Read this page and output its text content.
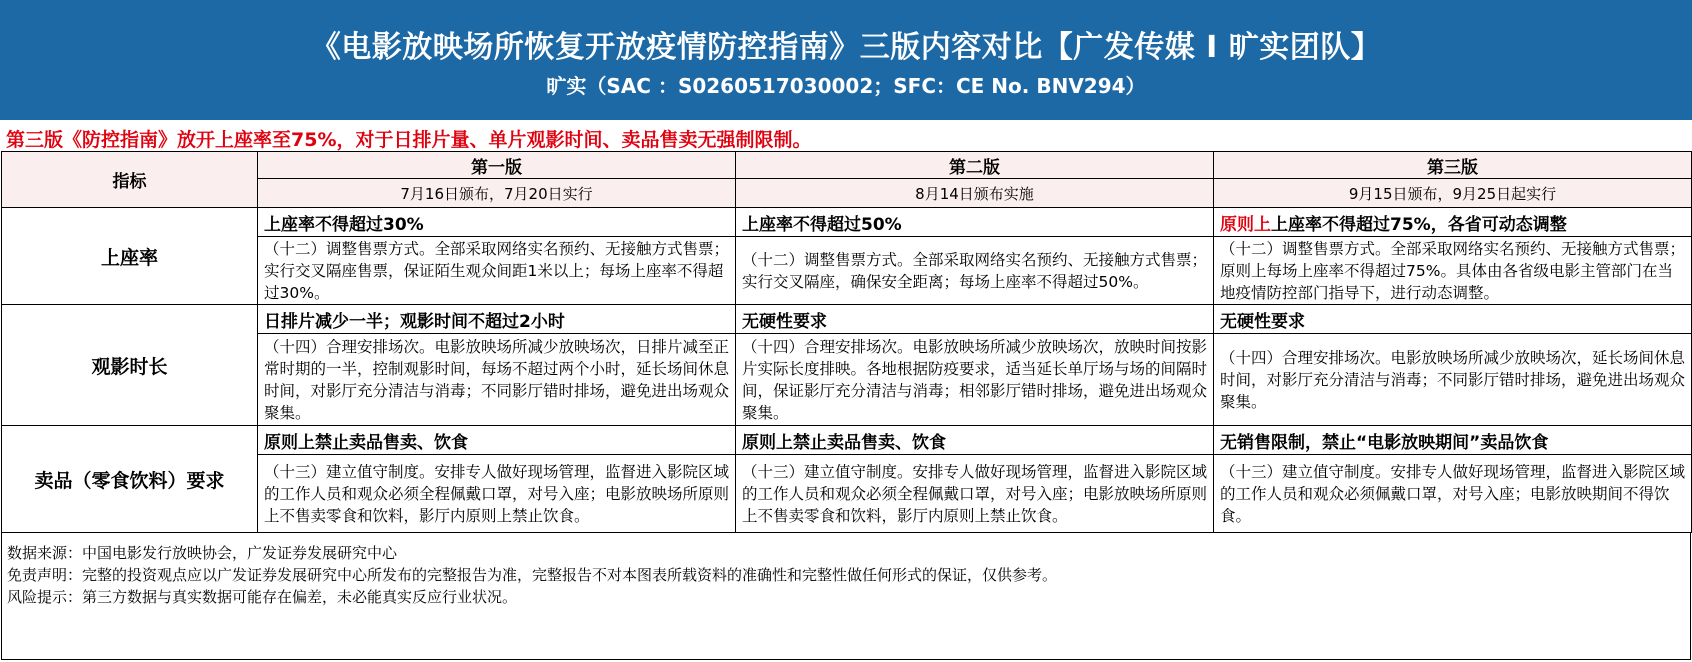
《电影放映场所恢复开放疫情防控指南》三版内容对比【广发传媒 I 旷实团队】
旷实（SAC ：S0260517030002；SFC：CE No. BNV294）
第三版《防控指南》放开上座率至75%，对于日排片量、单片观影时间、卖品售卖无强制限制。
指标	第一版	第二版	第三版
	7月16日颁布，7月20日实行	8月14日颁布实施	9月15日颁布，9月25日起实行
上座率	上座率不得超过30%	上座率不得超过50%	原则上上座率不得超过75%，各省可动态调整
	（十二）调整售票方式。全部采取网络实名预约、无接触方式售票；实行交叉隔座售票，保证陌生观众间距1米以上；每场上座率不得超过30%。	（十二）调整售票方式。全部采取网络实名预约、无接触方式售票；实行交叉隔座，确保安全距离；每场上座率不得超过50%。	（十二）调整售票方式。全部采取网络实名预约、无接触方式售票；原则上每场上座率不得超过75%。具体由各省级电影主管部门在当地疫情防控部门指导下，进行动态调整。
观影时长	日排片减少一半；观影时间不超过2小时	无硬性要求	无硬性要求
	（十四）合理安排场次。电影放映场所减少放映场次，日排片减至正常时期的一半，控制观影时间，每场不超过两个小时，延长场间休息时间，对影厅充分清洁与消毒；不同影厅错时排场，避免进出场观众聚集。	（十四）合理安排场次。电影放映场所减少放映场次，放映时间按影片实际长度排映。各地根据防疫要求，适当延长单厅场与场的间隔时间，保证影厅充分清洁与消毒；相邻影厅错时排场，避免进出场观众聚集。	（十四）合理安排场次。电影放映场所减少放映场次，延长场间休息时间，对影厅充分清洁与消毒；不同影厅错时排场，避免进出场观众聚集。
卖品（零食饮料）要求	原则上禁止卖品售卖、饮食	原则上禁止卖品售卖、饮食	无销售限制，禁止“电影放映期间”卖品饮食
	（十三）建立值守制度。安排专人做好现场管理，监督进入影院区域的工作人员和观众必须全程佩戴口罩，对号入座；电影放映场所原则上不售卖零食和饮料，影厅内原则上禁止饮食。	（十三）建立值守制度。安排专人做好现场管理，监督进入影院区域的工作人员和观众必须全程佩戴口罩，对号入座；电影放映场所原则上不售卖零食和饮料，影厅内原则上禁止饮食。	（十三）建立值守制度。安排专人做好现场管理，监督进入影院区域的工作人员和观众必须佩戴口罩，对号入座；电影放映期间不得饮食。
数据来源：中国电影发行放映协会，广发证券发展研究中心
免责声明：完整的投资观点应以广发证券发展研究中心所发布的完整报告为准，完整报告不对本图表所载资料的准确性和完整性做任何形式的保证，仅供参考。
风险提示：第三方数据与真实数据可能存在偏差，未必能真实反应行业状况。
